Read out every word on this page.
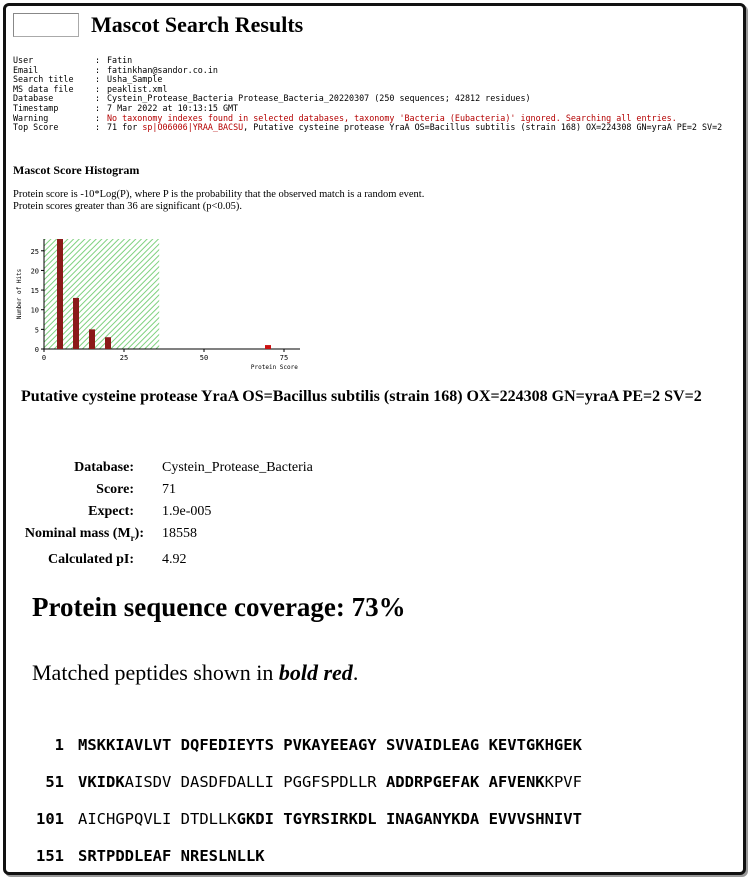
Mascot Search Results
User	: Fatin
Email	: fatinkhan@sandor.co.in
Search title	: Usha_Sample
MS data file	: peaklist.xml
Database	: Cystein_Protease_Bacteria Protease_Bacteria_20220307 (250 sequences; 42812 residues)
Timestamp	: 7 Mar 2022 at 10:13:15 GMT
Warning	: No taxonomy indexes found in selected databases, taxonomy 'Bacteria (Eubacteria)' ignored. Searching all entries.
Top Score	: 71 for
sp|O06006|YRAA_BACSU , Putative cysteine protease YraA OS=Bacillus subtilis (strain 168) OX=224308 GN=yraA PE=2 SV=2
Mascot Score Histogram
Protein score is -10*Log(P), where P is the probability that the observed match is a random event.
Protein scores greater than 36 are significant (p<0.05).
0
5
10
15
20
25
0	25	50	75
Protein Score
Number of Hits
Putative cysteine protease YraA OS=Bacillus subtilis (strain 168) OX=224308 GN=yraA PE=2 SV=2
Database:	Cystein_Protease_Bacteria
Score:	71
Expect:	1.9e-005
Nominal mass $(M_r)$:	18558
Calculated pI:	4.92
Protein sequence coverage: 73%
Matched peptides shown in bold red.
1 MSKKIAVLVT DQFEDIEYTS PVKAYEEAGY SVVAIDLEAG KEVTGKHGEK
51 VKIDKAISDV DASDFDALLI PGGFSPDLLR ADDRPGEFAK AFVENKKPVF
101 AICHGPQVLI DTDLLKGKDI TGYRSIRKDL INAGANYKDA EVVVSHNIVT
151 SRTPDDLEAF NRESLNLLK
